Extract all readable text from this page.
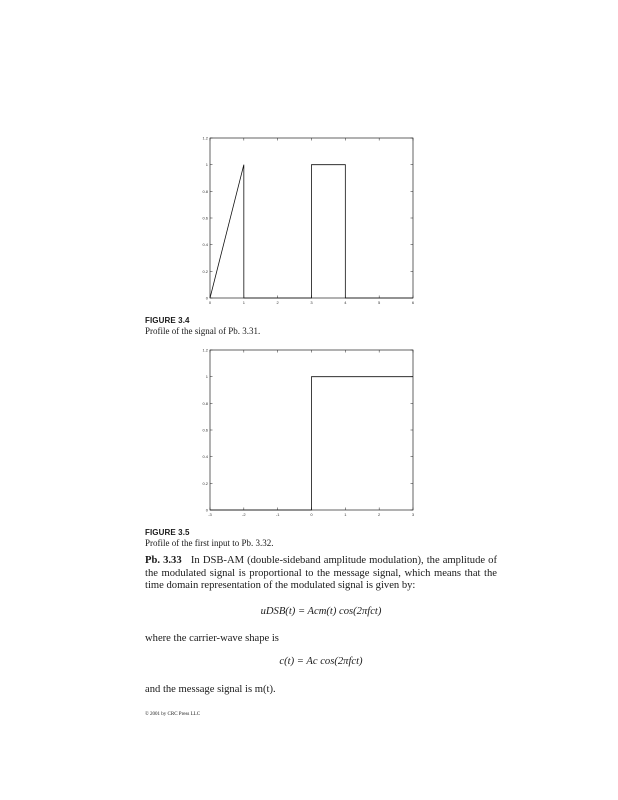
0	1	2	3	4	5	6
0
0.2
0.4
0.6
0.8
1
1.2
-3	-2	-1	0	1	2	3
0
0.2
0.4
0.6
0.8
1
1.2
FIGURE 3.4
Profile of the signal of Pb. 3.31.
FIGURE 3.5
Profile of the first input to Pb. 3.32.
Pb. 3.33 In DSB-AM (double-sideband amplitude modulation), the amplitude of the modulated signal is proportional to the message signal, which means that the time domain representation of the modulated signal is given by:
uDSB(t) = Acm(t) cos(2πfct)
where the carrier-wave shape is
c(t) = Ac cos(2πfct)
and the message signal is m(t).
© 2001 by CRC Press LLC
